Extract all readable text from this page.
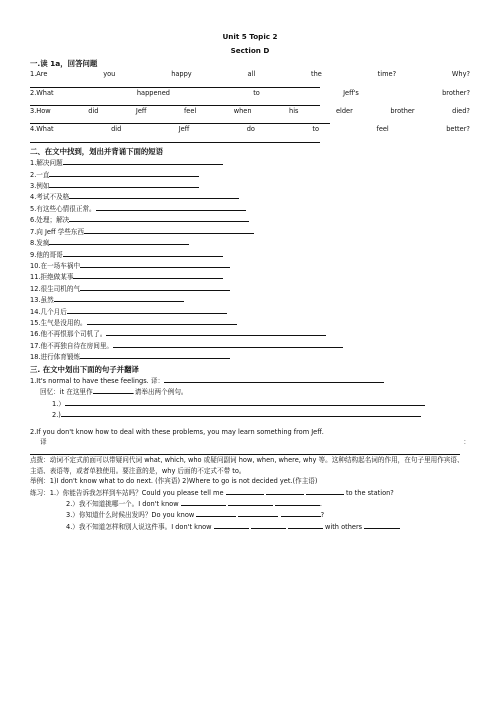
Unit 5 Topic 2
Section D
一.读 1a，回答问题
1.Are	you	happy	all	the	time?	Why?
2.What	happened	to	Jeff's	brother?
3.How	did	Jeff	feel	when	his	elder	brother	died?
4.What	did	Jeff	do	to	feel	better?
二、在文中找到，划出并背诵下面的短语
1.解决问题
2.一直
3.例如
4.考试不及格
5.有这些心情很正常。
6.处理；解决
7.向 Jeff 学些东西
8.发疯
9.他的哥哥
10.在一场车祸中
11.拒绝做某事
12.很生司机的气
13.虽然
14.几个月后
15.生气是没用的。
16.他不再恨那个司机了。
17.他不再独自待在房间里。
18.进行体育锻炼
三. 在文中划出下面的句子并翻译
1.It's normal to have these feelings. 译：
回忆：it 在这里作	.请举出两个例句。
1.）
2.)
2.If you don't know how to deal with these problems, you may learn something from Jeff.
译	：
点拨：动词不定式前面可以带疑问代词 what, which, who 或疑问副词 how, when, where, why 等。这种结构起名词的作用，在句子里用作宾语、主语、表语等，或者单独使用。要注意的是，why 后面的不定式不带 to。
举例：1)I don't know what to do next. (作宾语) 2)Where to go is not decided yet.(作主语)
练习：1.）你能告诉我怎样到车站吗？Could you please tell me	to the station?
2.）我不知道挑哪一个。I don't know	.
3.）你知道什么时候出发吗？Do you know	?
4.）我不知道怎样和别人说这件事。I don't know	with others
